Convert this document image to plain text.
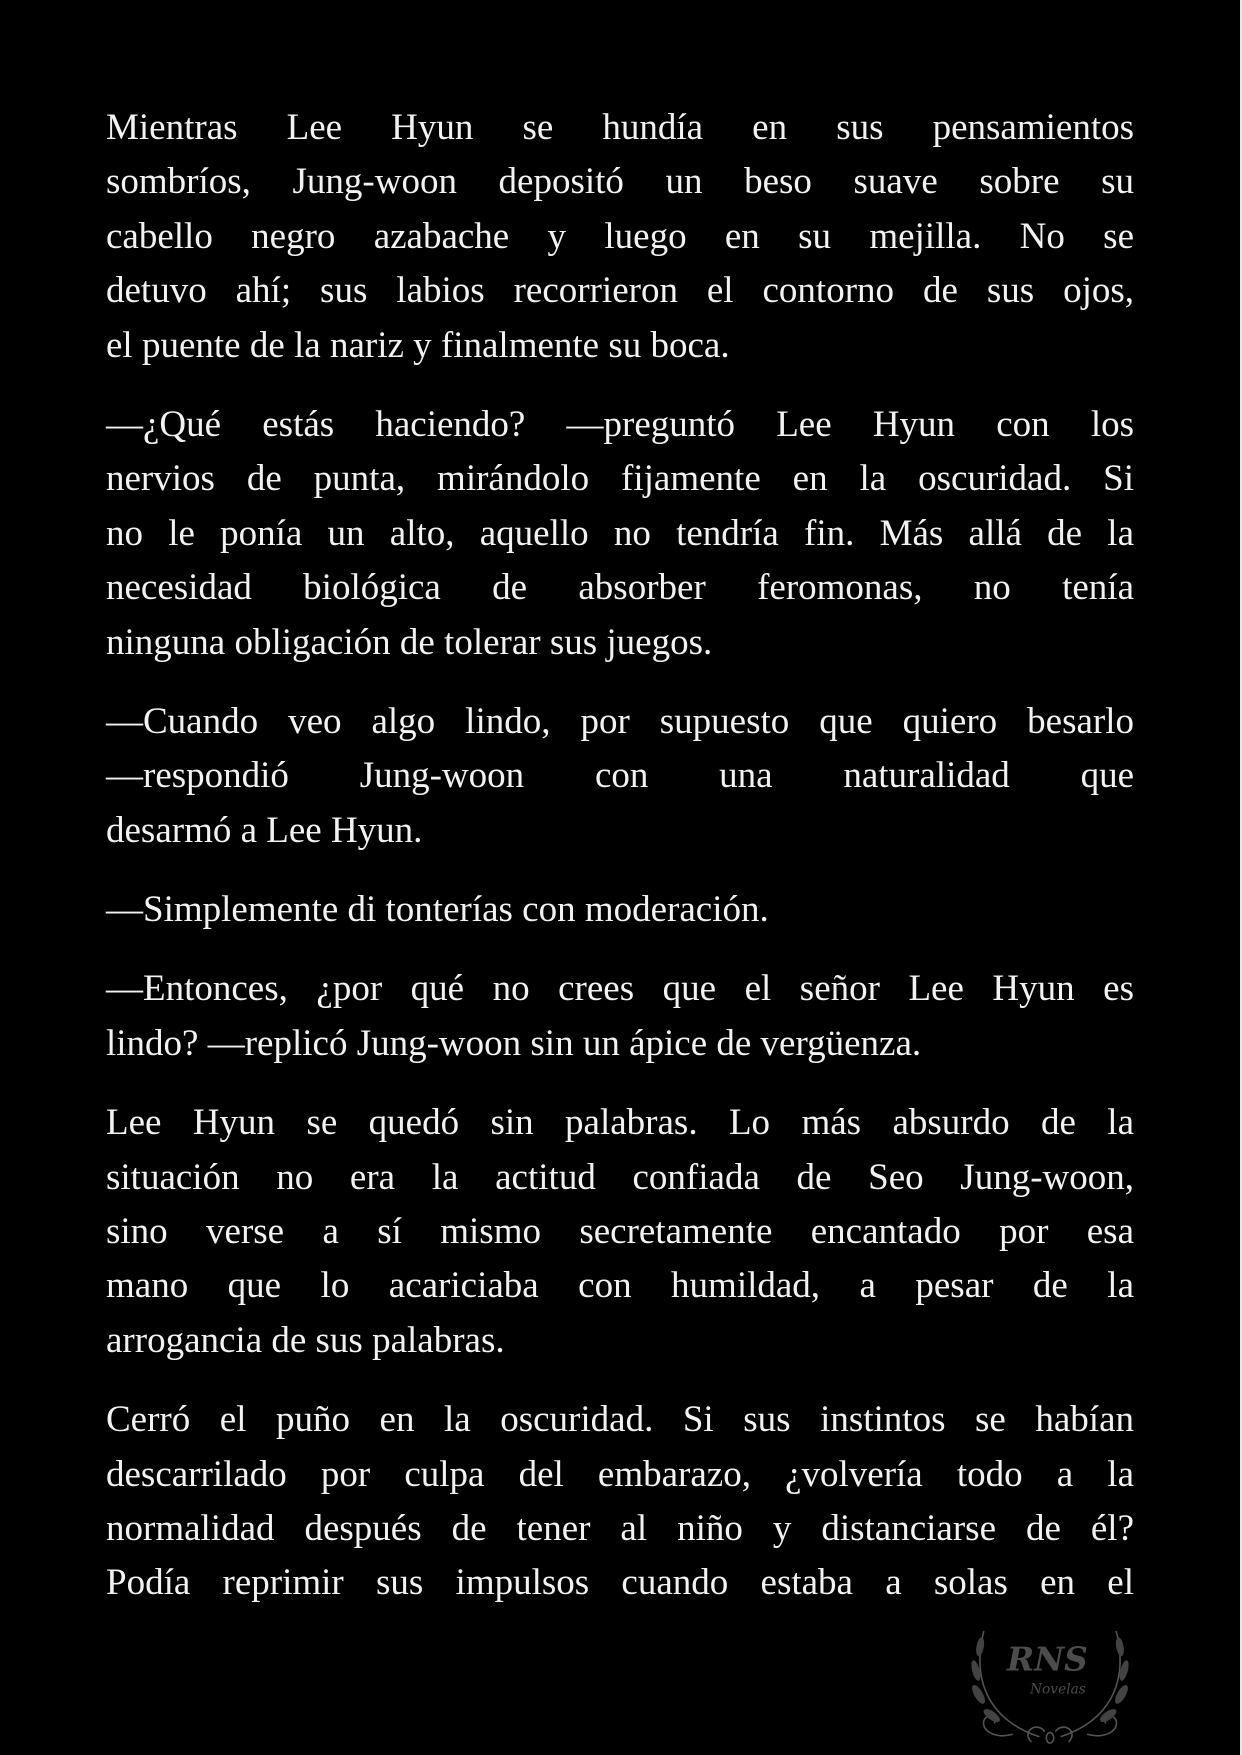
Mientras Lee Hyun se hundía en sus pensamientos
sombríos, Jung-woon depositó un beso suave sobre su
cabello negro azabache y luego en su mejilla. No se
detuvo ahí; sus labios recorrieron el contorno de sus ojos,
el puente de la nariz y finalmente su boca.
—¿Qué estás haciendo? —preguntó Lee Hyun con los
nervios de punta, mirándolo fijamente en la oscuridad. Si
no le ponía un alto, aquello no tendría fin. Más allá de la
necesidad biológica de absorber feromonas, no tenía
ninguna obligación de tolerar sus juegos.
—Cuando veo algo lindo, por supuesto que quiero besarlo
—respondió Jung-woon con una naturalidad que
desarmó a Lee Hyun.
—Simplemente di tonterías con moderación.
—Entonces, ¿por qué no crees que el señor Lee Hyun es
lindo? —replicó Jung-woon sin un ápice de vergüenza.
Lee Hyun se quedó sin palabras. Lo más absurdo de la
situación no era la actitud confiada de Seo Jung-woon,
sino verse a sí mismo secretamente encantado por esa
mano que lo acariciaba con humildad, a pesar de la
arrogancia de sus palabras.
Cerró el puño en la oscuridad. Si sus instintos se habían
descarrilado por culpa del embarazo, ¿volvería todo a la
normalidad después de tener al niño y distanciarse de él?
Podía reprimir sus impulsos cuando estaba a solas en el
RNS
Novelas
